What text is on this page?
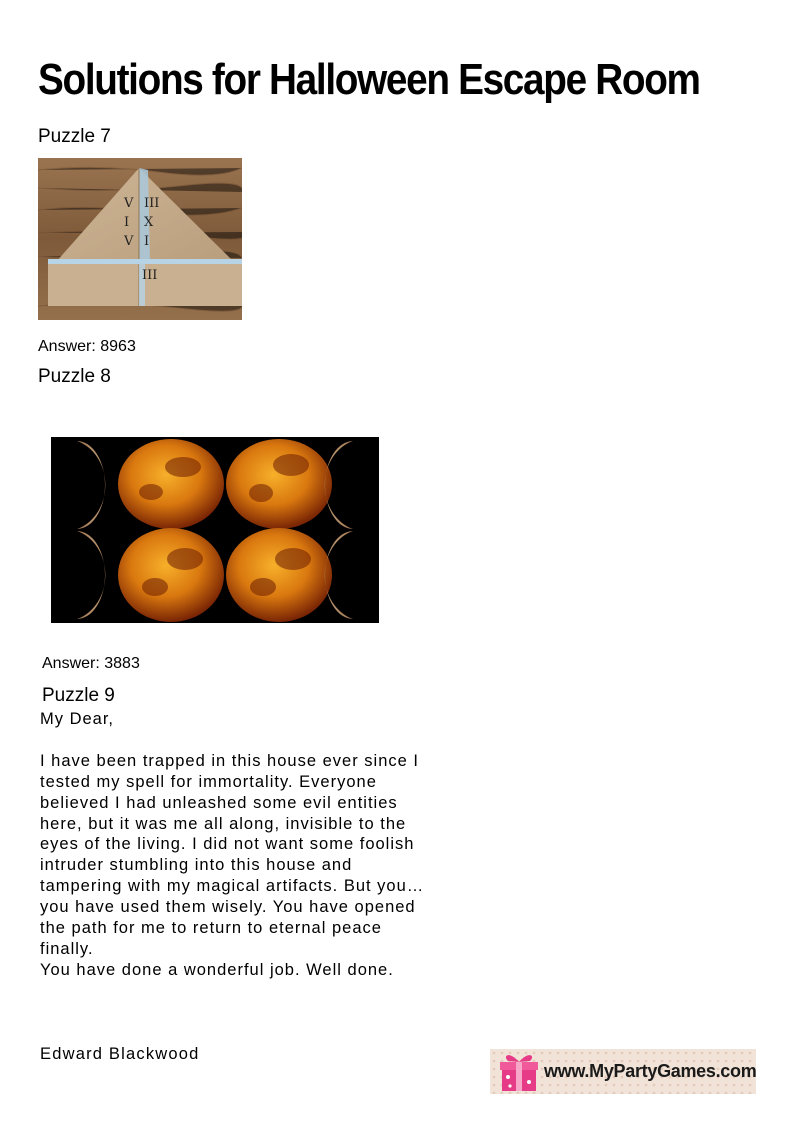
Solutions for Halloween Escape Room
Puzzle 7
V
I
V
III
X
I
III
Answer: 8963
Puzzle 8
Answer: 3883
Puzzle 9
My Dear,

I have been trapped in this house ever since I tested my spell for immortality. Everyone believed I had unleashed some evil entities here, but it was me all along, invisible to the eyes of the living. I did not want some foolish intruder stumbling into this house and tampering with my magical artifacts. But you… you have used them wisely. You have opened the path for me to return to eternal peace finally.
You have done a wonderful job. Well done.
Edward Blackwood
www.MyPartyGames.com
